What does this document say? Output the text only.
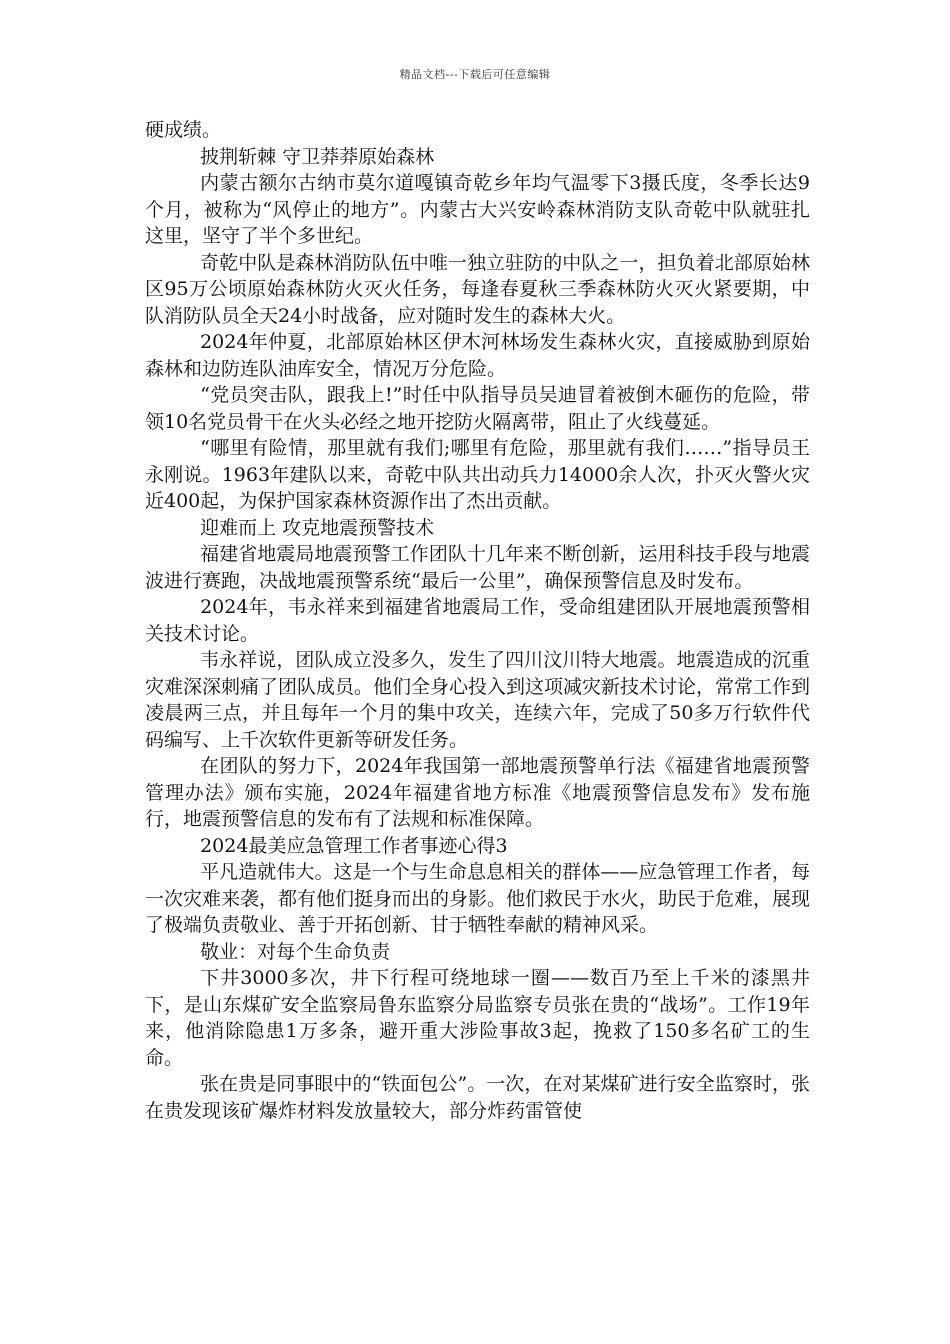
精品文档---下载后可任意编辑

硬成绩。

披荆斩棘 守卫莽莽原始森林

内蒙古额尔古纳市莫尔道嘎镇奇乾乡年均气温零下3摄氏度，冬季长达9个月，被称为“风停止的地方”。内蒙古大兴安岭森林消防支队奇乾中队就驻扎这里，坚守了半个多世纪。

奇乾中队是森林消防队伍中唯一独立驻防的中队之一，担负着北部原始林区95万公顷原始森林防火灭火任务，每逢春夏秋三季森林防火灭火紧要期，中队消防队员全天24小时战备，应对随时发生的森林大火。

2024年仲夏，北部原始林区伊木河林场发生森林火灾，直接威胁到原始森林和边防连队油库安全，情况万分危险。

“党员突击队，跟我上!”时任中队指导员吴迪冒着被倒木砸伤的危险，带领10名党员骨干在火头必经之地开挖防火隔离带，阻止了火线蔓延。

“哪里有险情，那里就有我们;哪里有危险，那里就有我们……”指导员王永刚说。1963年建队以来，奇乾中队共出动兵力14000余人次，扑灭火警火灾近400起，为保护国家森林资源作出了杰出贡献。

迎难而上 攻克地震预警技术

福建省地震局地震预警工作团队十几年来不断创新，运用科技手段与地震波进行赛跑，决战地震预警系统“最后一公里”，确保预警信息及时发布。

2024年，韦永祥来到福建省地震局工作，受命组建团队开展地震预警相关技术讨论。

韦永祥说，团队成立没多久，发生了四川汶川特大地震。地震造成的沉重灾难深深刺痛了团队成员。他们全身心投入到这项减灾新技术讨论，常常工作到凌晨两三点，并且每年一个月的集中攻关，连续六年，完成了50多万行软件代码编写、上千次软件更新等研发任务。

在团队的努力下，2024年我国第一部地震预警单行法《福建省地震预警管理办法》颁布实施，2024年福建省地方标准《地震预警信息发布》发布施行，地震预警信息的发布有了法规和标准保障。

2024最美应急管理工作者事迹心得3

平凡造就伟大。这是一个与生命息息相关的群体——应急管理工作者，每一次灾难来袭，都有他们挺身而出的身影。他们救民于水火，助民于危难，展现了极端负责敬业、善于开拓创新、甘于牺牲奉献的精神风采。

敬业：对每个生命负责

下井3000多次，井下行程可绕地球一圈——数百乃至上千米的漆黑井下，是山东煤矿安全监察局鲁东监察分局监察专员张在贵的“战场”。工作19年来，他消除隐患1万多条，避开重大涉险事故3起，挽救了150多名矿工的生命。

张在贵是同事眼中的“铁面包公”。一次，在对某煤矿进行安全监察时，张在贵发现该矿爆炸材料发放量较大，部分炸药雷管使
